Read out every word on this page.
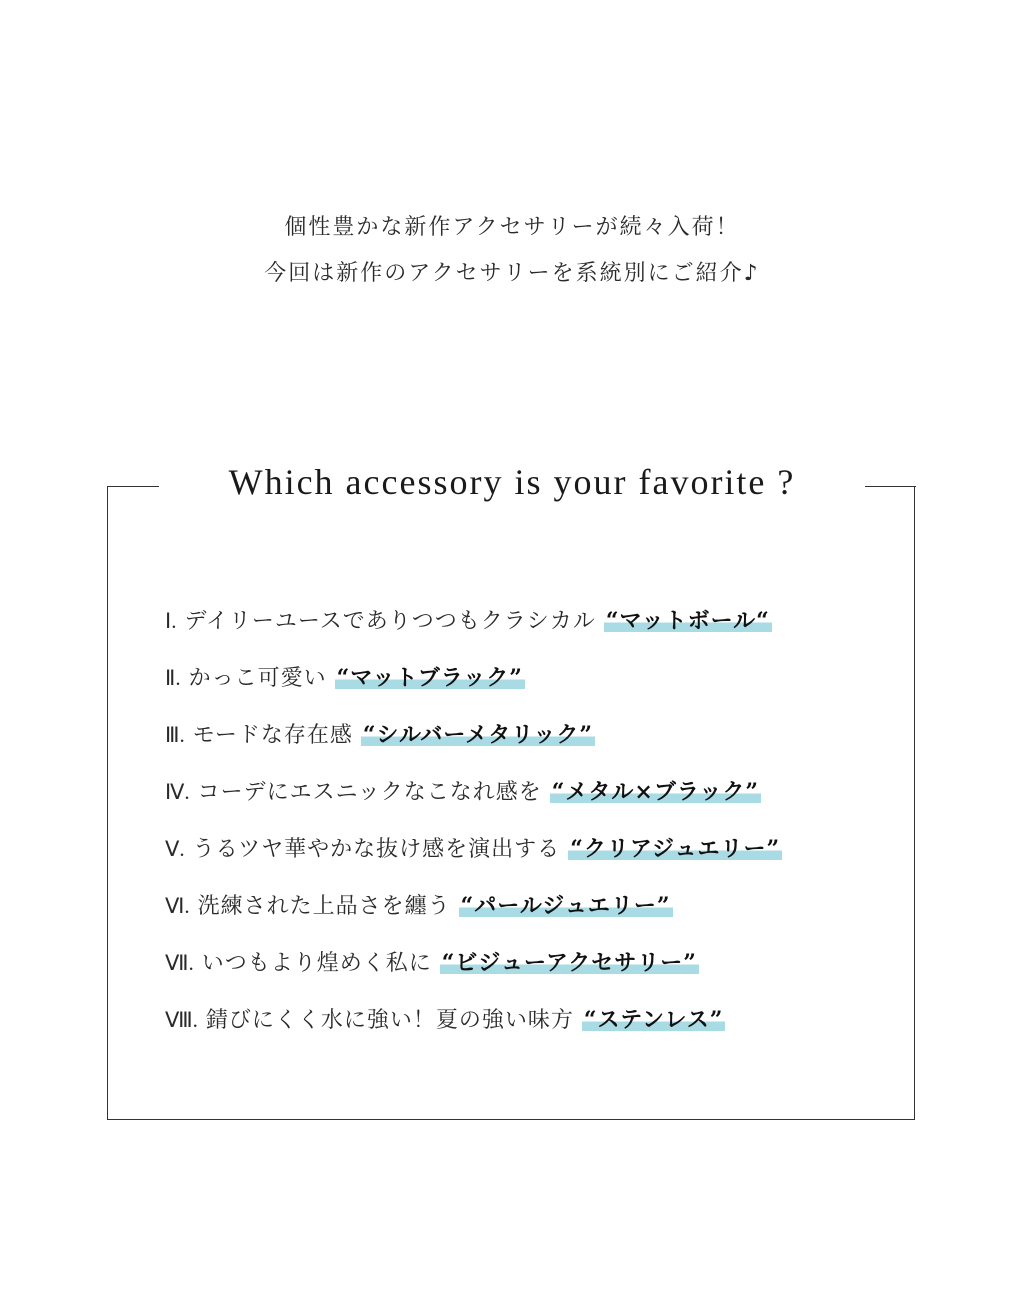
個性豊かな新作アクセサリーが続々入荷！
今回は新作のアクセサリーを系統別にご紹介♪
Which accessory is your favorite ?
Ⅰ. デイリーユースでありつつもクラシカル “マットボール“
Ⅱ. かっこ可愛い “マットブラック”
Ⅲ. モードな存在感 “シルバーメタリック”
Ⅳ. コーデにエスニックなこなれ感を “メタル×ブラック”
Ⅴ. うるツヤ華やかな抜け感を演出する “クリアジュエリー”
Ⅵ. 洗練された上品さを纏う “パールジュエリー”
Ⅶ. いつもより煌めく私に “ビジューアクセサリー”
Ⅷ. 錆びにくく水に強い！夏の強い味方 “ステンレス”
